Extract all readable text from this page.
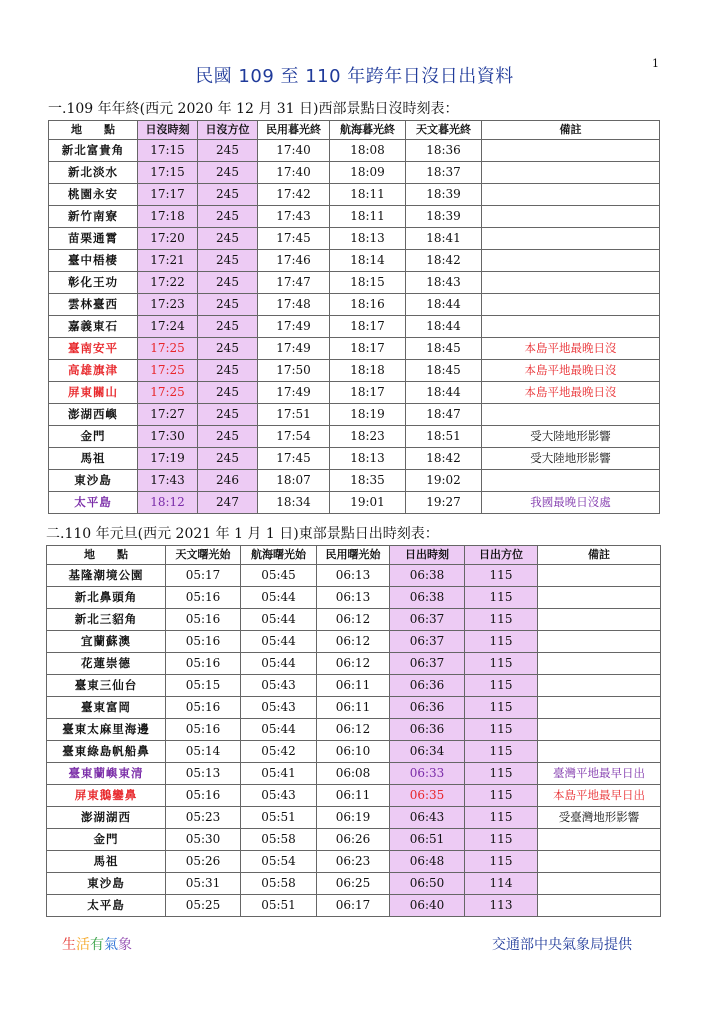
1
民國 109 至 110 年跨年日沒日出資料
一.109 年年終(西元 2020 年 12 月 31 日)西部景點日沒時刻表：
地　　點	日沒時刻	日沒方位	民用暮光終	航海暮光終	天文暮光終	備註
新北富貴角	17:15	245	17:40	18:08	18:36	
新北淡水	17:15	245	17:40	18:09	18:37	
桃園永安	17:17	245	17:42	18:11	18:39	
新竹南寮	17:18	245	17:43	18:11	18:39	
苗栗通霄	17:20	245	17:45	18:13	18:41	
臺中梧棲	17:21	245	17:46	18:14	18:42	
彰化王功	17:22	245	17:47	18:15	18:43	
雲林臺西	17:23	245	17:48	18:16	18:44	
嘉義東石	17:24	245	17:49	18:17	18:44	
臺南安平	17:25	245	17:49	18:17	18:45	本島平地最晚日沒
高雄旗津	17:25	245	17:50	18:18	18:45	本島平地最晚日沒
屏東關山	17:25	245	17:49	18:17	18:44	本島平地最晚日沒
澎湖西嶼	17:27	245	17:51	18:19	18:47	
金門	17:30	245	17:54	18:23	18:51	受大陸地形影響
馬祖	17:19	245	17:45	18:13	18:42	受大陸地形影響
東沙島	17:43	246	18:07	18:35	19:02	
太平島	18:12	247	18:34	19:01	19:27	我國最晚日沒處
二.110 年元旦(西元 2021 年 1 月 1 日)東部景點日出時刻表：
地　　點	天文曙光始	航海曙光始	民用曙光始	日出時刻	日出方位	備註
基隆潮境公園	05:17	05:45	06:13	06:38	115	
新北鼻頭角	05:16	05:44	06:13	06:38	115	
新北三貂角	05:16	05:44	06:12	06:37	115	
宜蘭蘇澳	05:16	05:44	06:12	06:37	115	
花蓮崇德	05:16	05:44	06:12	06:37	115	
臺東三仙台	05:15	05:43	06:11	06:36	115	
臺東富岡	05:16	05:43	06:11	06:36	115	
臺東太麻里海邊	05:16	05:44	06:12	06:36	115	
臺東綠島帆船鼻	05:14	05:42	06:10	06:34	115	
臺東蘭嶼東清	05:13	05:41	06:08	06:33	115	臺灣平地最早日出
屏東鵝鑾鼻	05:16	05:43	06:11	06:35	115	本島平地最早日出
澎湖湖西	05:23	05:51	06:19	06:43	115	受臺灣地形影響
金門	05:30	05:58	06:26	06:51	115	
馬祖	05:26	05:54	06:23	06:48	115	
東沙島	05:31	05:58	06:25	06:50	114	
太平島	05:25	05:51	06:17	06:40	113	
生活有氣象	交通部中央氣象局提供
